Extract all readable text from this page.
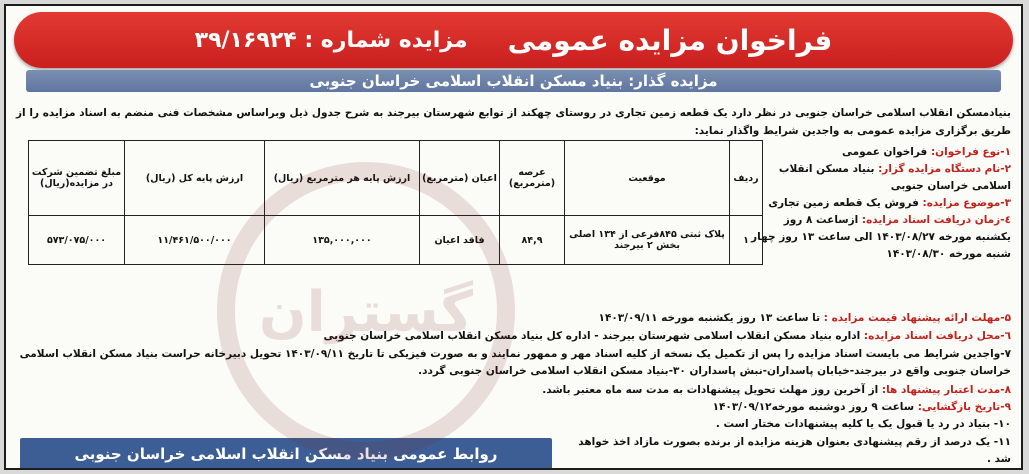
فراخوان مزایده عمومی
مزایده شماره : ۳۹/۱۶۹۲۴
مزایده گذار: بنیاد مسکن انقلاب اسلامی خراسان جنوبی
بنیادمسکن انقلاب اسلامی خراسان جنوبی در نظر دارد یک قطعه زمین تجاری در روستای چهکند از توابع شهرستان بیرجند به شرح جدول ذیل وبراساس مشخصات فنی منضم به اسناد مزایده را از طریق برگزاری مزایده عمومی به واجدین شرایط واگذار نماید:
۱-نوع فراخوان: فراخوان عمومی
۲-نام دستگاه مزایده گزار: بنیاد مسکن انقلاب اسلامی خراسان جنوبی
۳-موضوع مزایده: فروش یک قطعه زمین تجاری
٤-زمان دریافت اسناد مزایده: ازساعت ۸ روز یکشنبه مورخه ۱۴۰۳/۰۸/۲۷ الی ساعت ۱۳ روز چهار شنبه مورخه ۱۴۰۳/۰۸/۳۰
ردیف	موقعیت	عرصه (مترمربع)	اعیان (مترمربع)	ارزش پایه هر مترمربع (ریال)	ارزش پایه کل (ریال)	مبلغ تضمین شرکت در مزایده(ریال)
۱	پلاک ثبتی ۸۴۵فرعی از ۱۳۴ اصلی بخش ۲ بیرجند	۸۴,۹	فاقد اعیان	۱۳۵,۰۰۰,۰۰۰	۱۱/۴۶۱/۵۰۰/۰۰۰	۵۷۳/۰۷۵/۰۰۰
۵-مهلت ارائه پیشنهاد قیمت مزایده : تا ساعت ۱۳ روز یکشنبه مورخه ۱۴۰۳/۰۹/۱۱
٦-محل دریافت اسناد مزایده: اداره بنیاد مسکن انقلاب اسلامی شهرستان بیرجند - اداره کل بنیاد مسکن انقلاب اسلامی خراسان جنوبی
۷-واجدین شرایط می بایست اسناد مزایده را پس از تکمیل یک نسخه از کلیه اسناد مهر و ممهور نمایند و به صورت فیزیکی تا تاریخ ۱۴۰۳/۰۹/۱۱ تحویل دبیرخانه حراست بنیاد مسکن انقلاب اسلامی خراسان جنوبی واقع در بیرجند-خیابان پاسداران-نبش پاسداران ۳۰-بنیاد مسکن انقلاب اسلامی خراسان جنوبی گردد.
۸-مدت اعتبار پیشنهاد ها: از آخرین روز مهلت تحویل پیشنهادات به مدت سه ماه معتبر باشد.
۹-تاریخ بازگشایی: ساعت ۹ روز دوشنبه مورخه۱۴۰۳/۰۹/۱۲
۱۰- بنیاد در رد یا قبول یک یا کلیه پیشنهادات مختار است .
۱۱- یک درصد از رقم پیشنهادی بعنوان هزینه مزایده از برنده بصورت مازاد اخذ خواهد شد .
روابط عمومی بنیاد مسکن انقلاب اسلامی خراسان جنوبی
گستران
